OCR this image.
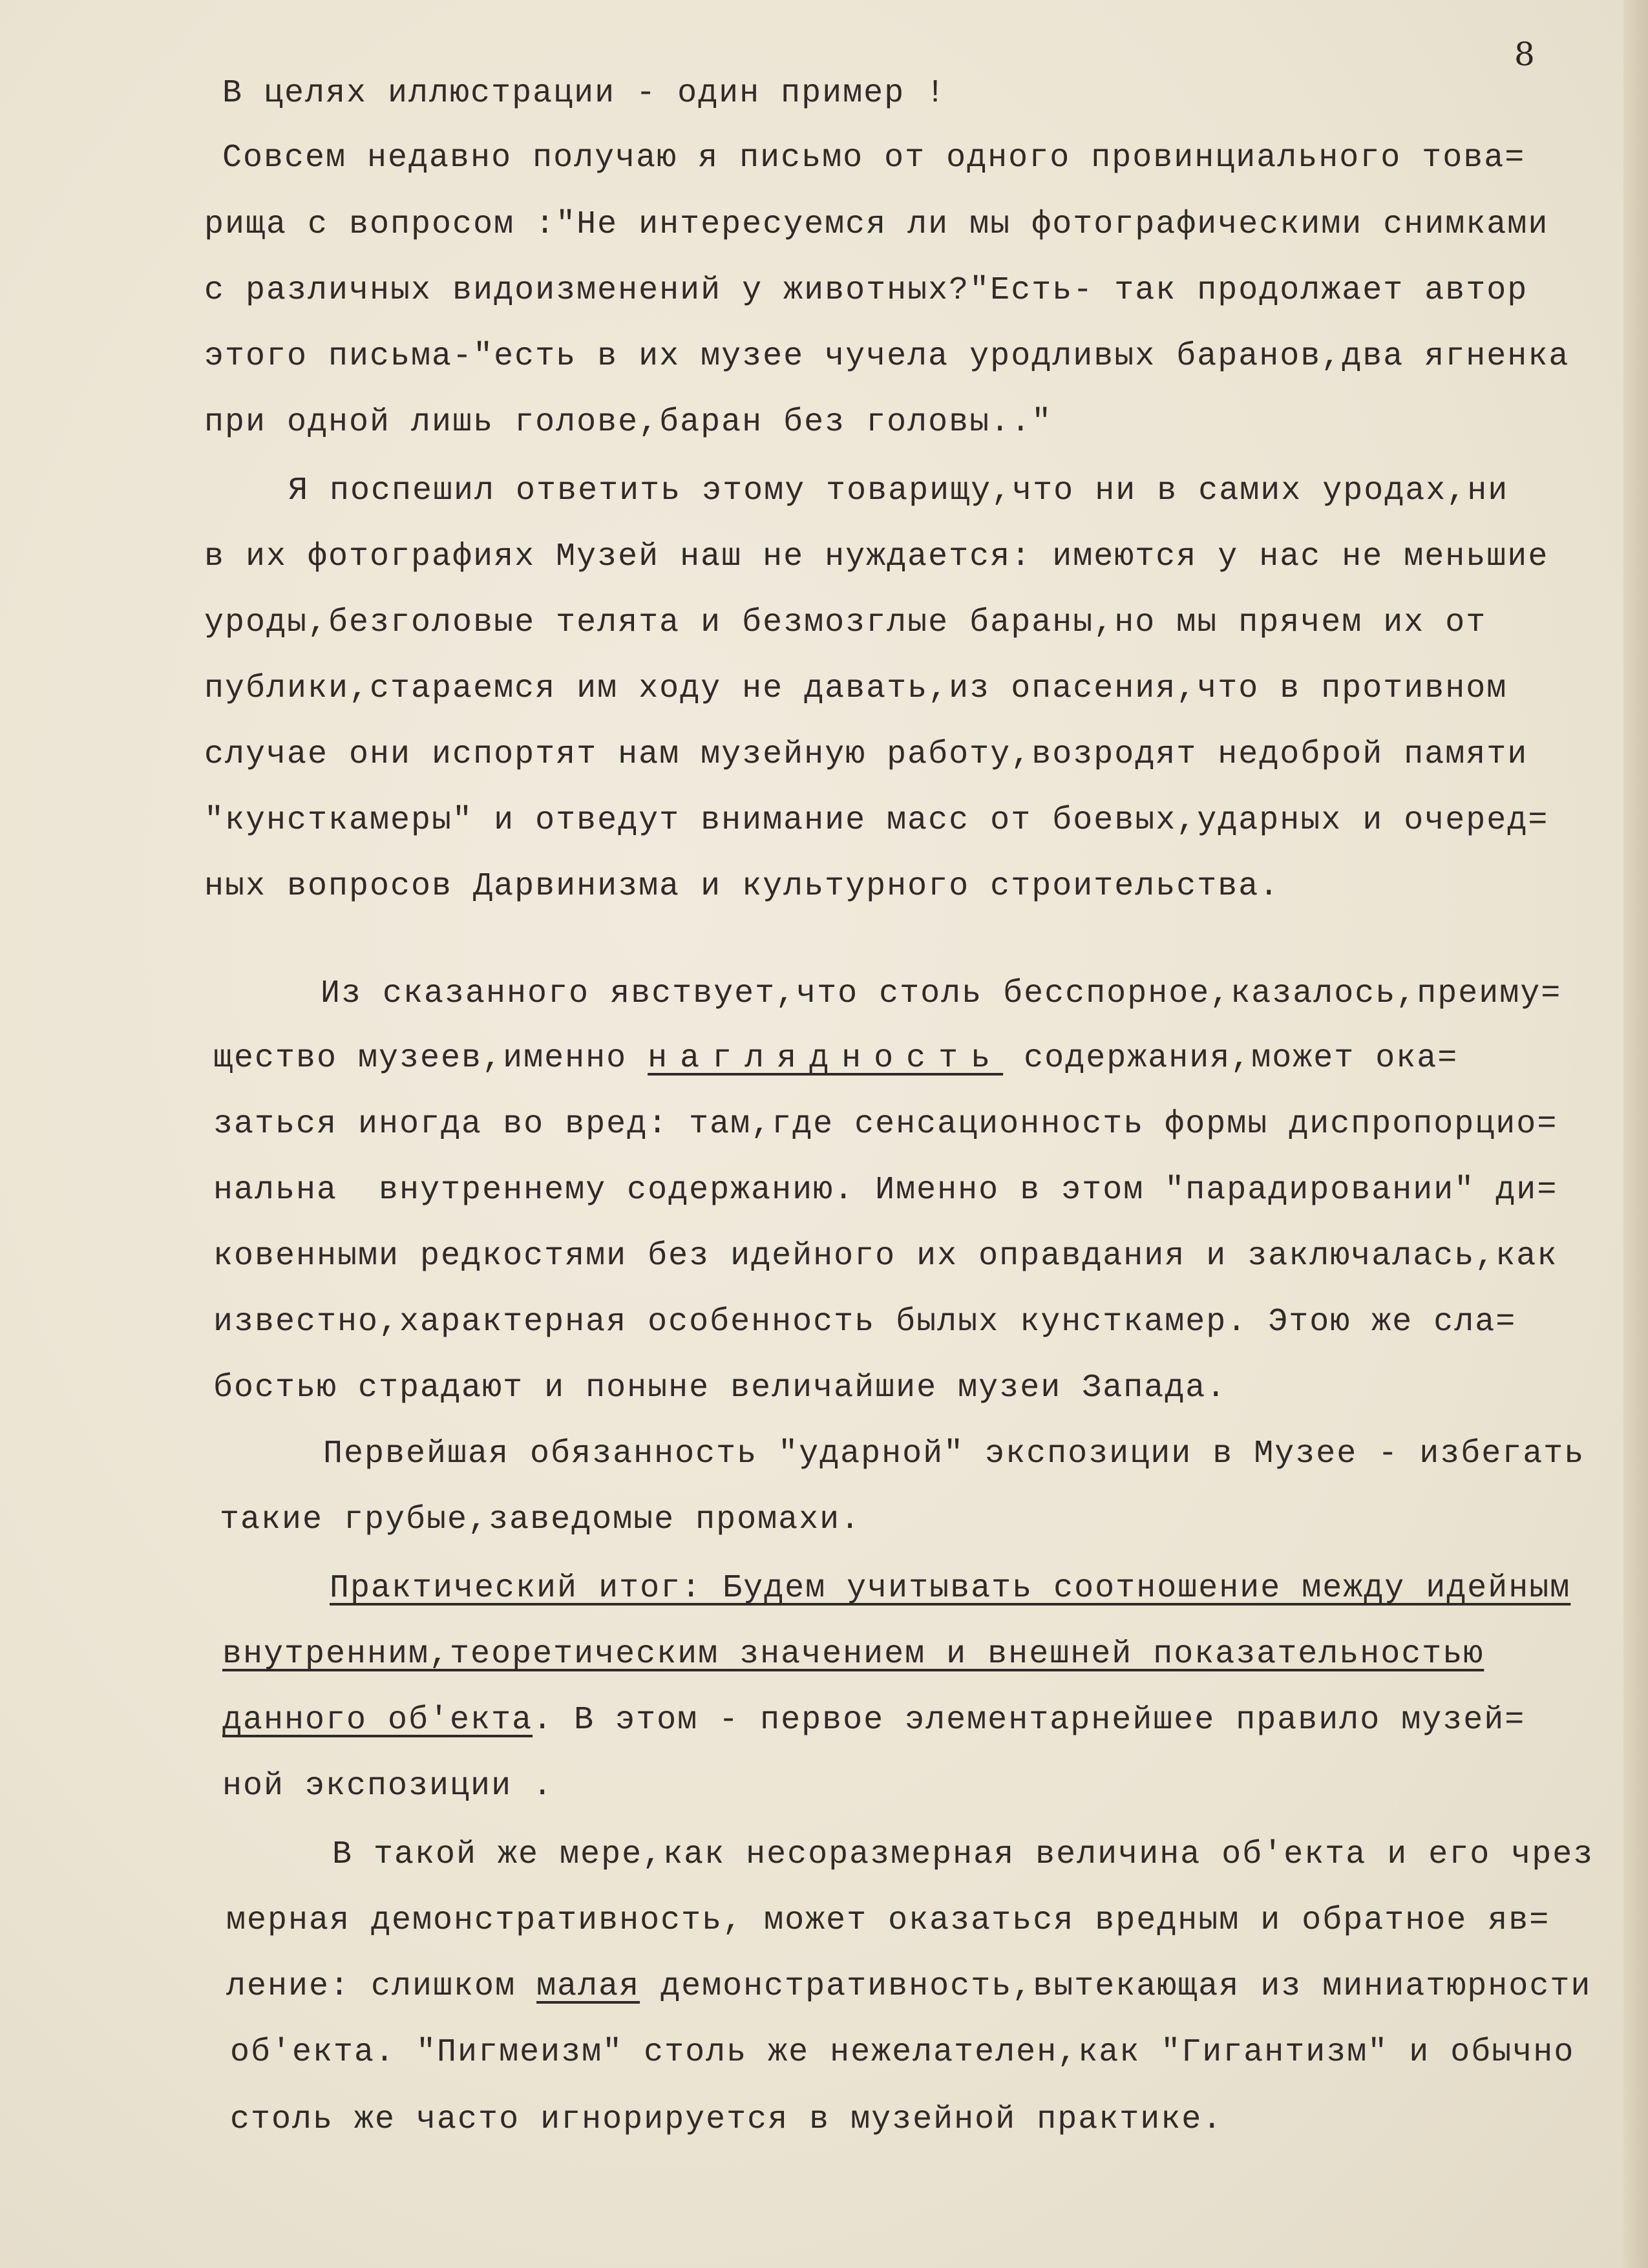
8
В целях иллюстрации - один пример !
Совсем недавно получаю я письмо от одного провинциального това=
рища с вопросом :"Не интересуемся ли мы фотографическими снимками
с различных видоизменений у животных?"Есть- так продолжает автор
этого письма-"есть в их музее чучела уродливых баранов,два ягненка
при одной лишь голове,баран без головы.."
Я поспешил ответить этому товарищу,что ни в самих уродах,ни
в их фотографиях Музей наш не нуждается: имеются у нас не меньшие
уроды,безголовые телята и безмозглые бараны,но мы прячем их от
публики,стараемся им ходу не давать,из опасения,что в противном
случае они испортят нам музейную работу,возродят недоброй памяти
"кунсткамеры" и отведут внимание масс от боевых,ударных и очеред=
ных вопросов Дарвинизма и культурного строительства.
Из сказанного явствует,что столь бесспорное,казалось,преиму=
щество музеев,именно наглядность содержания,может ока=
заться иногда во вред: там,где сенсационность формы диспропорцио=
нальна  внутреннему содержанию. Именно в этом "парадировании" ди=
ковенными редкостями без идейного их оправдания и заключалась,как
известно,характерная особенность былых кунсткамер. Этою же сла=
бостью страдают и поныне величайшие музеи Запада.
Первейшая обязанность "ударной" экспозиции в Музее - избегать
такие грубые,заведомые промахи.
Практический итог: Будем учитывать соотношение между идейным
внутренним,теоретическим значением и внешней показательностью
данного об'екта. В этом - первое элементарнейшее правило музей=
ной экспозиции .
В такой же мере,как несоразмерная величина об'екта и его чрез
мерная демонстративность, может оказаться вредным и обратное яв=
ление: слишком малая демонстративность,вытекающая из миниатюрности
об'екта. "Пигмеизм" столь же нежелателен,как "Гигантизм" и обычно
столь же часто игнорируется в музейной практике.
